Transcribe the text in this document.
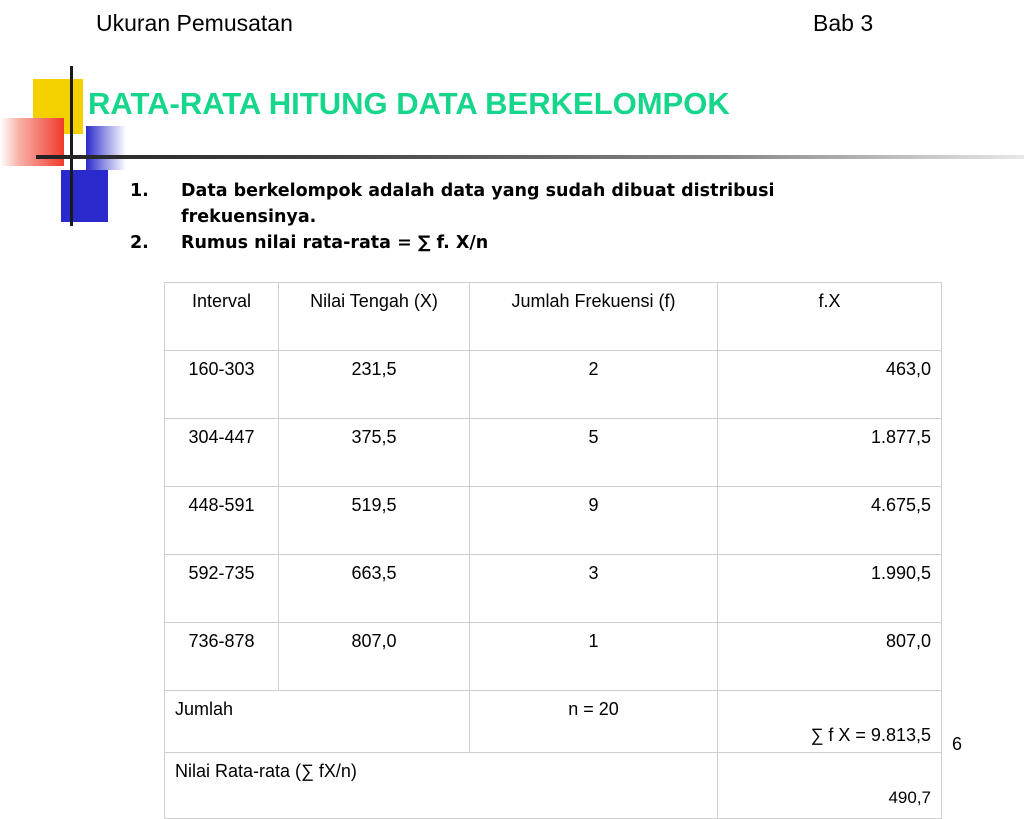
Ukuran Pemusatan	Bab 3
RATA-RATA HITUNG DATA BERKELOMPOK
1.	Data berkelompok adalah data yang sudah dibuat distribusi frekuensinya.
2.	Rumus nilai rata-rata = ∑ f. X/n
Interval	Nilai Tengah (X)	Jumlah Frekuensi (f)	f.X
160-303	231,5	2	463,0
304-447	375,5	5	1.877,5
448-591	519,5	9	4.675,5
592-735	663,5	3	1.990,5
736-878	807,0	1	807,0
Jumlah		n = 20	∑ f X = 9.813,5
Nilai Rata-rata (∑ fX/n)			490,7
6
